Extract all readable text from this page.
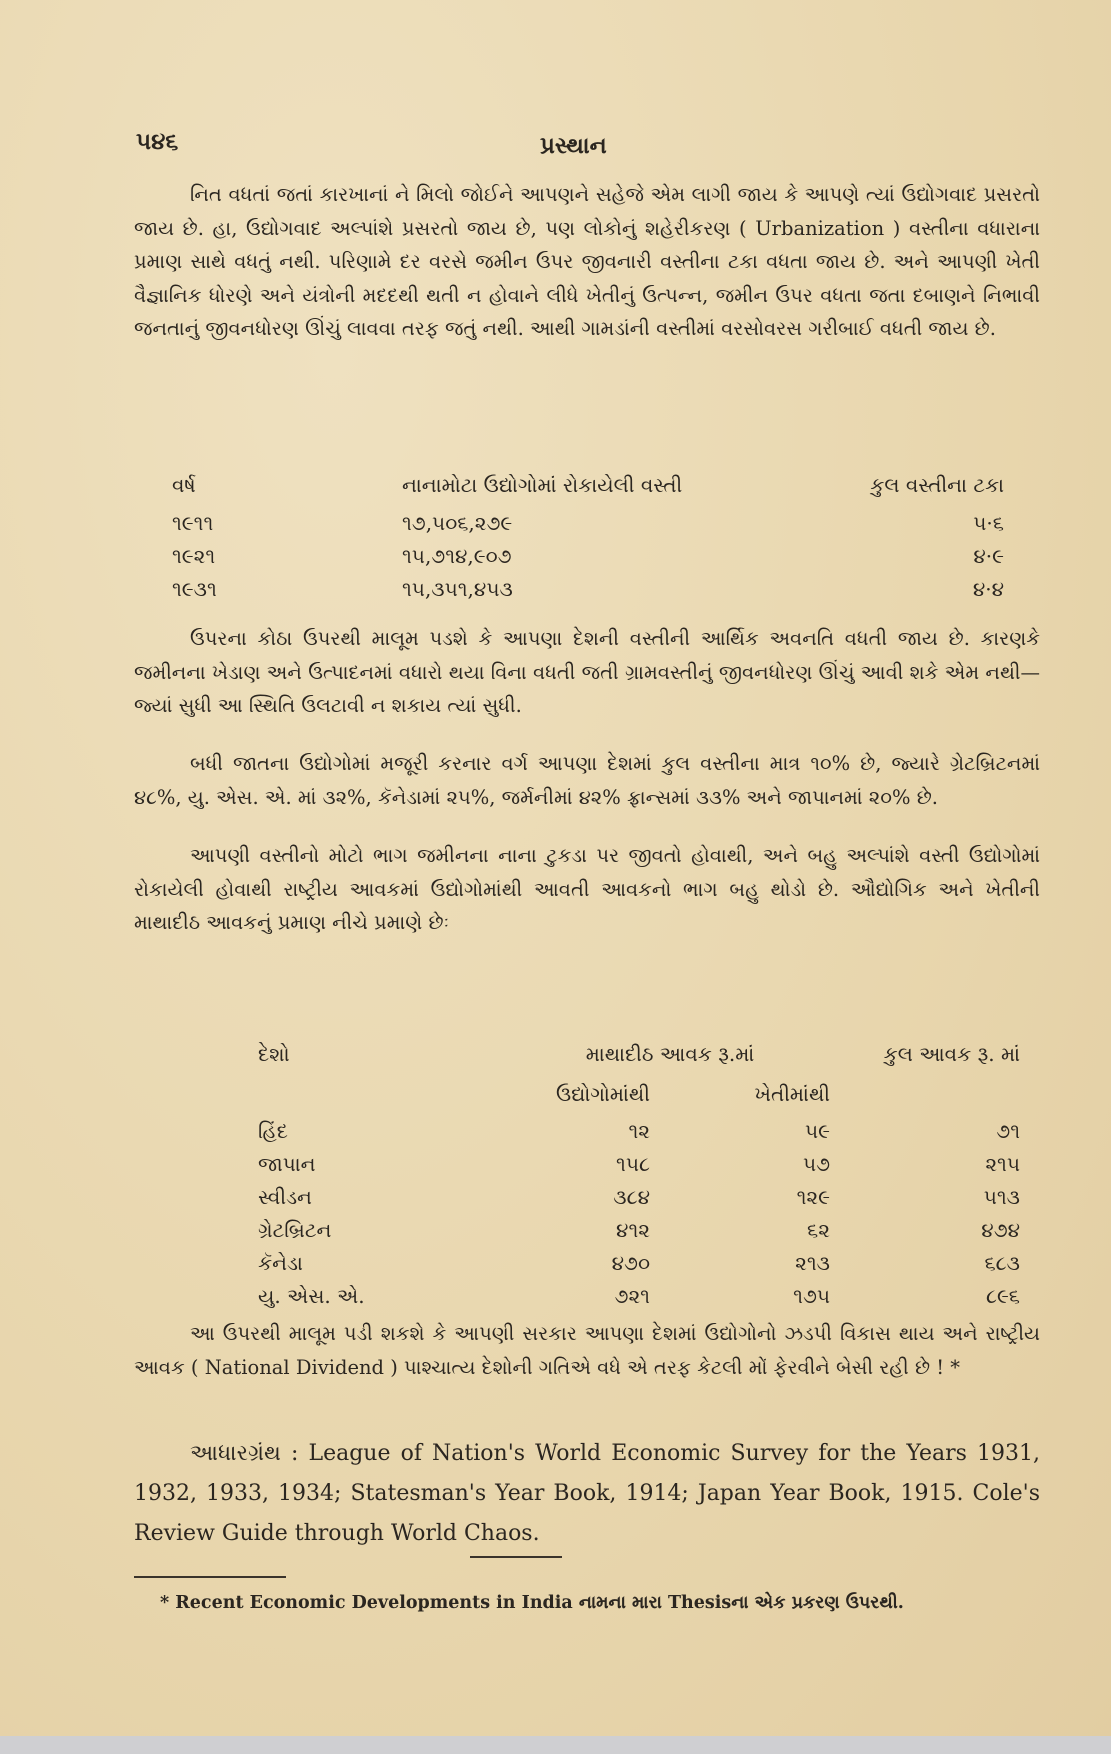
૫૪૬	પ્રસ્થાન

નિત વધતાં જતાં કારખાનાં ને મિલો જોઈને આપણને સહેજે એમ લાગી જાય કે આપણે ત્યાં ઉદ્યોગવાદ પ્રસરતો જાય છે. હા, ઉદ્યોગવાદ અલ્પાંશે પ્રસરતો જાય છે, પણ લોકોનું શહેરીકરણ ( Urbanization ) વસ્તીના વધારાના પ્રમાણ સાથે વધતું નથી. પરિણામે દર વરસે જમીન ઉપર જીવનારી વસ્તીના ટકા વધતા જાય છે. અને આપણી ખેતી વૈજ્ઞાનિક ધોરણે અને યંત્રોની મદદથી થતી ન હોવાને લીધે ખેતીનું ઉત્પન્ન, જમીન ઉપર વધતા જતા દબાણને નિભાવી જનતાનું જીવનધોરણ ઊંચું લાવવા તરફ જતું નથી. આથી ગામડાંની વસ્તીમાં વરસોવરસ ગરીબાઈ વધતી જાય છે.

વર્ષ	નાનામોટા ઉદ્યોગોમાં રોકાયેલી વસ્તી	કુલ વસ્તીના ટકા
૧૯૧૧	૧૭,૫૦૬,૨૭૯	૫·૬
૧૯૨૧	૧૫,૭૧૪,૯૦૭	૪·૯
૧૯૩૧	૧૫,૩૫૧,૪૫૩	૪·૪

ઉપરના કોઠા ઉપરથી માલૂમ પડશે કે આપણા દેશની વસ્તીની આર્થિક અવનતિ વધતી જાય છે. કારણકે જમીનના ખેડાણ અને ઉત્પાદનમાં વધારો થયા વિના વધતી જતી ગ્રામવસ્તીનું જીવનધોરણ ઊંચું આવી શકે એમ નથી—જ્યાં સુધી આ સ્થિતિ ઉલટાવી ન શકાય ત્યાં સુધી.

બધી જાતના ઉદ્યોગોમાં મજૂરી કરનાર વર્ગ આપણા દેશમાં કુલ વસ્તીના માત્ર ૧૦% છે, જ્યારે ગ્રેટબ્રિટનમાં ૪૮%, યુ. એસ. એ. માં ૩૨%, કૅનેડામાં ૨૫%, જર્મનીમાં ૪૨% ફ્રાન્સમાં ૩૩% અને જાપાનમાં ૨૦% છે.

આપણી વસ્તીનો મોટો ભાગ જમીનના નાના ટુકડા પર જીવતો હોવાથી, અને બહુ અલ્પાંશે વસ્તી ઉદ્યોગોમાં રોકાયેલી હોવાથી રાષ્ટ્રીય આવકમાં ઉદ્યોગોમાંથી આવતી આવકનો ભાગ બહુ થોડો છે. ઔદ્યોગિક અને ખેતીની માથાદીઠ આવકનું પ્રમાણ નીચે પ્રમાણે છેઃ

દેશો	માથાદીઠ આવક રૂ.માં		કુલ આવક રૂ. માં
	ઉદ્યોગોમાંથી	ખેતીમાંથી	
હિંદ	૧૨	૫૯	૭૧
જાપાન	૧૫૮	૫૭	૨૧૫
સ્વીડન	૩૮૪	૧૨૯	૫૧૩
ગ્રેટબ્રિટન	૪૧૨	૬૨	૪૭૪
કૅનેડા	૪૭૦	૨૧૩	૬૮૩
યુ. એસ. એ.	૭૨૧	૧૭૫	૮૯૬

આ ઉપરથી માલૂમ પડી શકશે કે આપણી સરકાર આપણા દેશમાં ઉદ્યોગોનો ઝડપી વિકાસ થાય અને રાષ્ટ્રીય આવક ( National Dividend ) પાશ્ચાત્ય દેશોની ગતિએ વધે એ તરફ કેટલી મોં ફેરવીને બેસી રહી છે ! *

આધારગ્રંથ : League of Nation's World Economic Survey for the Years 1931, 1932, 1933, 1934; Statesman's Year Book, 1914; Japan Year Book, 1915. Cole's Review Guide through World Chaos.

* Recent Economic Developments in India નામના મારા Thesisના એક પ્રકરણ ઉપરથી.
